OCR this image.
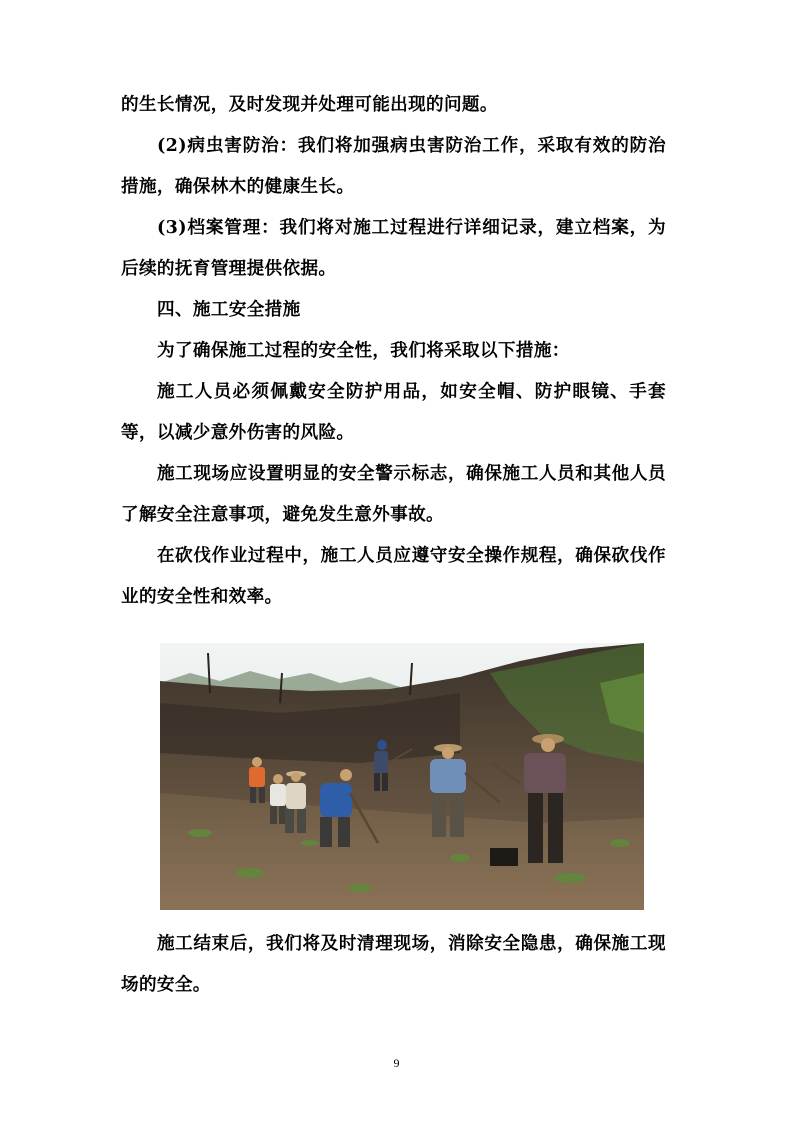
的生长情况，及时发现并处理可能出现的问题。

(2)病虫害防治：我们将加强病虫害防治工作，采取有效的防治措施，确保林木的健康生长。

(3)档案管理：我们将对施工过程进行详细记录，建立档案，为后续的抚育管理提供依据。

四、施工安全措施

为了确保施工过程的安全性，我们将采取以下措施：

施工人员必须佩戴安全防护用品，如安全帽、防护眼镜、手套等，以减少意外伤害的风险。

施工现场应设置明显的安全警示标志，确保施工人员和其他人员了解安全注意事项，避免发生意外事故。

在砍伐作业过程中，施工人员应遵守安全操作规程，确保砍伐作业的安全性和效率。

施工结束后，我们将及时清理现场，消除安全隐患，确保施工现场的安全。

9
